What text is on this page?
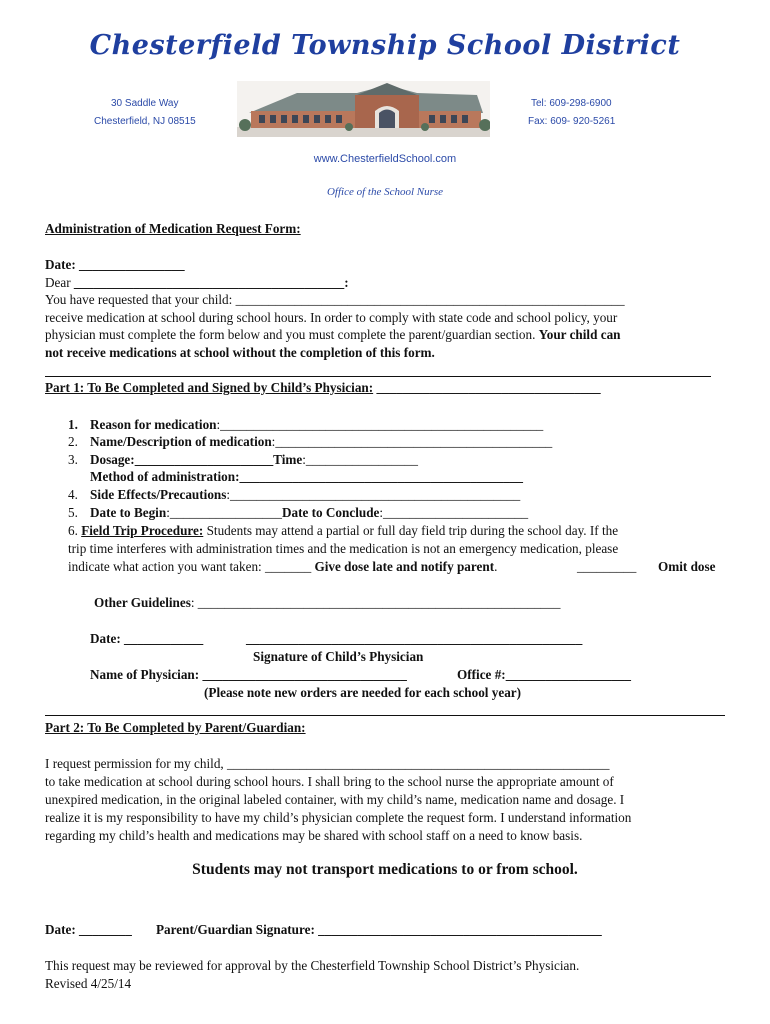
Chesterfield Township School District
30 Saddle Way
Chesterfield, NJ 08515
Tel: 609-298-6900
Fax: 609- 920-5261
www.ChesterfieldSchool.com
Office of the School Nurse
Administration of Medication Request Form:
Date: ________________
Dear _________________________________________:
You have requested that your child: ___________________________________________________________
receive medication at school during school hours. In order to comply with state code and school policy, your
physician must complete the form below and you must complete the parent/guardian section. Your child can
not receive medications at school without the completion of this form.
Part 1: To Be Completed and Signed by Child’s Physician: __________________________________
1. Reason for medication:_________________________________________________
2. Name/Description of medication:__________________________________________
3. Dosage:_____________________Time:_________________
Method of administration:___________________________________________
4. Side Effects/Precautions:____________________________________________
5. Date to Begin:_________________Date to Conclude:______________________
6. Field Trip Procedure: Students may attend a partial or full day field trip during the school day. If the
trip time interferes with administration times and the medication is not an emergency medication, please
indicate what action you want taken: _______ Give dose late and notify parent.	_________ Omit dose
Other Guidelines: _______________________________________________________
Date: ____________	___________________________________________________
Signature of Child’s Physician
Name of Physician: _______________________________	Office #:___________________
(Please note new orders are needed for each school year)
Part 2: To Be Completed by Parent/Guardian:
I request permission for my child, __________________________________________________________
to take medication at school during school hours. I shall bring to the school nurse the appropriate amount of
unexpired medication, in the original labeled container, with my child’s name, medication name and dosage. I
realize it is my responsibility to have my child’s physician complete the request form. I understand information
regarding my child’s health and medications may be shared with school staff on a need to know basis.
Students may not transport medications to or from school.
Date: ________ Parent/Guardian Signature: ___________________________________________
This request may be reviewed for approval by the Chesterfield Township School District’s Physician.
Revised 4/25/14
